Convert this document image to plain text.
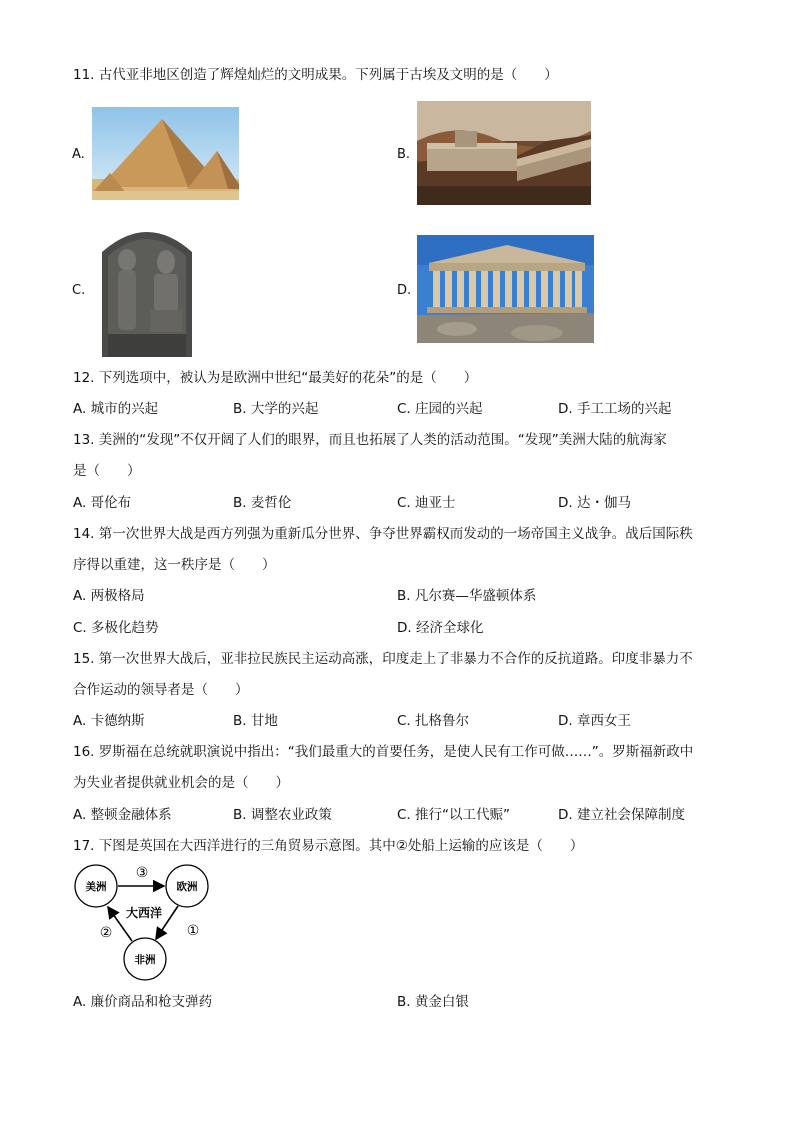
11. 古代亚非地区创造了辉煌灿烂的文明成果。下列属于古埃及文明的是（　　）
A.	B.
C.	D.
12. 下列选项中，被认为是欧洲中世纪“最美好的花朵”的是（　　）
A. 城市的兴起	B. 大学的兴起	C. 庄园的兴起	D. 手工工场的兴起
13. 美洲的“发现”不仅开阔了人们的眼界，而且也拓展了人类的活动范围。“发现”美洲大陆的航海家
是（　　）
A. 哥伦布	B. 麦哲伦	C. 迪亚士	D. 达・伽马
14. 第一次世界大战是西方列强为重新瓜分世界、争夺世界霸权而发动的一场帝国主义战争。战后国际秩
序得以重建，这一秩序是（　　）
A. 两极格局	B. 凡尔赛—华盛顿体系
C. 多极化趋势	D. 经济全球化
15. 第一次世界大战后，亚非拉民族民主运动高涨，印度走上了非暴力不合作的反抗道路。印度非暴力不
合作运动的领导者是（　　）
A. 卡德纳斯	B. 甘地	C. 扎格鲁尔	D. 章西女王
16. 罗斯福在总统就职演说中指出：“我们最重大的首要任务，是使人民有工作可做……”。罗斯福新政中
为失业者提供就业机会的是（　　）
A. 整顿金融体系	B. 调整农业政策	C. 推行“以工代赈”	D. 建立社会保障制度
17. 下图是英国在大西洋进行的三角贸易示意图。其中②处船上运输的应该是（　　）
美洲	欧洲
非洲
大西洋
③
①
②
A. 廉价商品和枪支弹药	B. 黄金白银
